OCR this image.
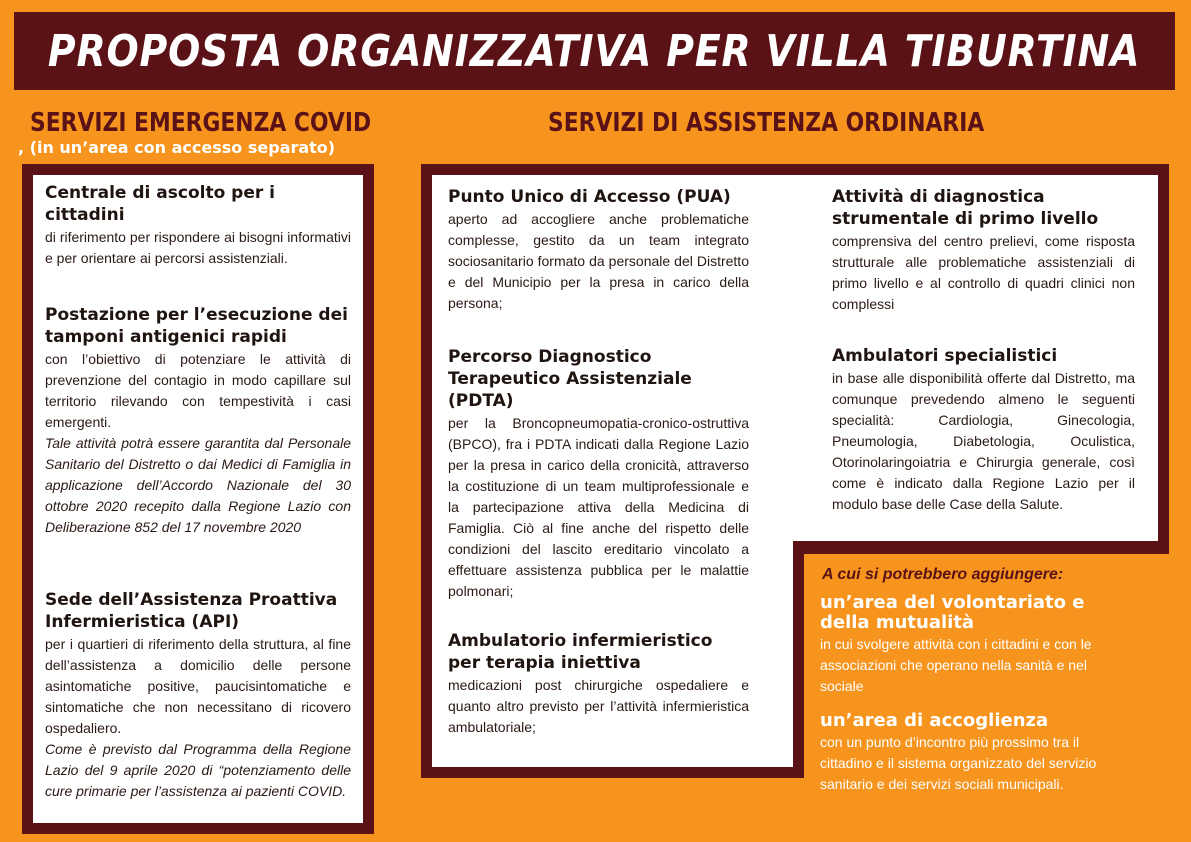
PROPOSTA ORGANIZZATIVA PER VILLA TIBURTINA
SERVIZI EMERGENZA COVID
, (in un’area con accesso separato)
SERVIZI DI ASSISTENZA ORDINARIA
Centrale di ascolto per i cittadini
di riferimento per rispondere ai bisogni informativi e per orientare ai percorsi assistenziali.
Postazione per l’esecuzione dei tamponi antigenici rapidi
con l’obiettivo di potenziare le attività di prevenzione del contagio in modo capillare sul territorio rilevando con tempestività i casi emergenti.
Tale attività potrà essere garantita dal Personale Sanitario del Distretto o dai Medici di Famiglia in applicazione dell’Accordo Nazionale del 30 ottobre 2020 recepito dalla Regione Lazio con Deliberazione 852 del 17 novembre 2020
Sede dell’Assistenza Proattiva Infermieristica (API)
per i quartieri di riferimento della struttura, al fine dell’assistenza a domicilio delle persone asintomatiche positive, paucisintomatiche e sintomatiche che non necessitano di ricovero ospedaliero.
Come è previsto dal Programma della Regione Lazio del 9 aprile 2020 di “potenziamento delle cure primarie per l’assistenza ai pazienti COVID.
Punto Unico di Accesso (PUA)
aperto ad accogliere anche problematiche complesse, gestito da un team integrato sociosanitario formato da personale del Distretto e del Municipio per la presa in carico della persona;
Percorso Diagnostico Terapeutico Assistenziale (PDTA)
per la Broncopneumopatia-cronico-ostruttiva (BPCO), fra i PDTA indicati dalla Regione Lazio per la presa in carico della cronicità, attraverso la costituzione di un team multiprofessionale e la partecipazione attiva della Medicina di Famiglia. Ciò al fine anche del rispetto delle condizioni del lascito ereditario vincolato a effettuare assistenza pubblica per le malattie polmonari;
Ambulatorio infermieristico per terapia iniettiva
medicazioni post chirurgiche ospedaliere e quanto altro previsto per l’attività infermieristica ambulatoriale;
Attività di diagnostica strumentale di primo livello
comprensiva del centro prelievi, come risposta strutturale alle problematiche assistenziali di primo livello e al controllo di quadri clinici non complessi
Ambulatori specialistici
in base alle disponibilità offerte dal Distretto, ma comunque prevedendo almeno le seguenti specialità: Cardiologia, Ginecologia, Pneumologia, Diabetologia, Oculistica, Otorinolaringoiatria e Chirurgia generale, così come è indicato dalla Regione Lazio per il modulo base delle Case della Salute.
A cui si potrebbero aggiungere:
un’area del volontariato e della mutualità
in cui svolgere attività con i cittadini e con le associazioni che operano nella sanità e nel sociale
un’area di accoglienza
con un punto d’incontro più prossimo tra il cittadino e il sistema organizzato del servizio sanitario e dei servizi sociali municipali.
